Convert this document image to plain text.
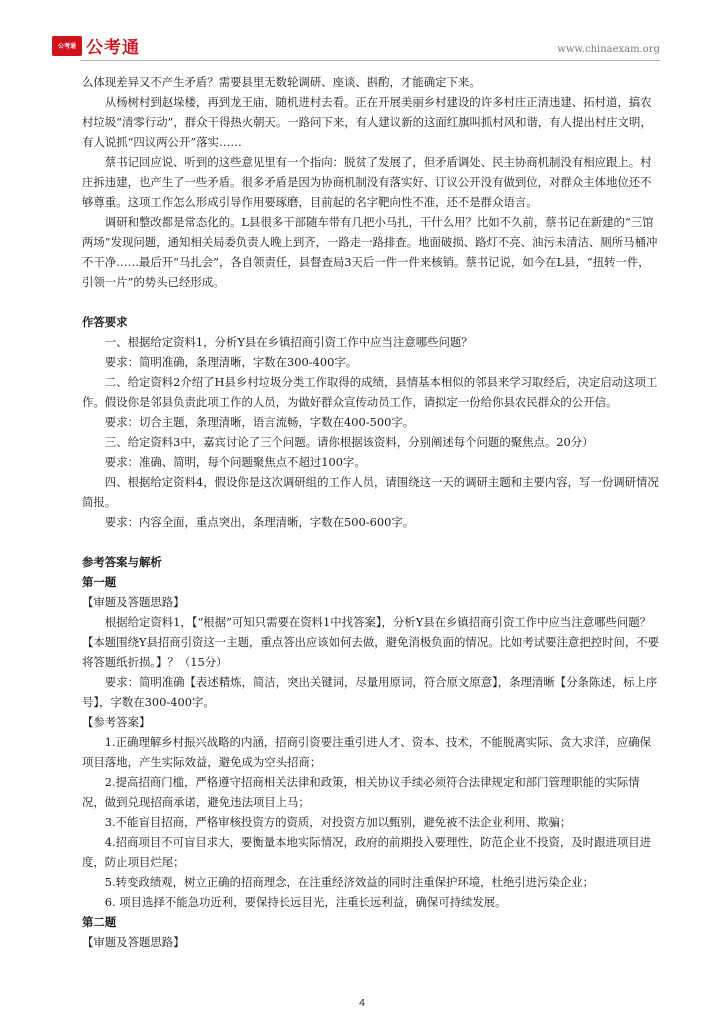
公考通 公考通	www.chinaexam.org

么体现差异又不产生矛盾？需要县里无数轮调研、座谈、斟酌，才能确定下来。

从杨树村到赵垛楼，再到龙王庙，随机进村去看。正在开展美丽乡村建设的许多村庄正清违建、拓村道，搞农村垃圾“清零行动”，群众干得热火朝天。一路问下来，有人建议新的这面红旗叫抓村风和谐，有人提出村庄文明，有人说抓“四议两公开”落实……

蔡书记回应说、听到的这些意见里有一个指向：脱贫了发展了，但矛盾调处、民主协商机制没有相应跟上。村庄拆违建，也产生了一些矛盾。很多矛盾是因为协商机制没有落实好、订议公开没有做到位，对群众主体地位还不够尊重。这项工作怎么形成引导作用要琢磨，目前起的名字靶向性不准，还不是群众语言。

调研和整改都是常态化的。L县很多干部随车带有几把小马扎，干什么用？比如不久前，蔡书记在新建的“三馆两场”发现问题，通知相关局委负责人晚上到齐，一路走一路排查。地面破损、路灯不亮、油污未清洁、厕所马桶冲不干净……最后开“马扎会”，各自领责任，县督查局3天后一件一件来核销。蔡书记说，如今在L县，“扭转一件，引领一片”的势头已经形成。

作答要求

一、根据给定资料1，分析Y县在乡镇招商引资工作中应当注意哪些问题？

要求：简明准确，条理清晰，字数在300-400字。

二、给定资料2介绍了H县乡村垃圾分类工作取得的成绩，县情基本相似的邻县来学习取经后，决定启动这项工作。假设你是邻县负责此项工作的人员，为做好群众宣传动员工作，请拟定一份给你县农民群众的公开信。

要求：切合主题，条理清晰，语言流畅，字数在400-500字。

三、给定资料3中，嘉宾讨论了三个问题。请你根据该资料，分别阐述每个问题的聚焦点。20分）

要求：准确、简明，每个问题聚焦点不超过100字。

四、根据给定资料4，假设你是这次调研组的工作人员，请围绕这一天的调研主题和主要内容，写一份调研情况简报。

要求：内容全面，重点突出，条理清晰，字数在500-600字。

参考答案与解析

第一题

【审题及答题思路】

根据给定资料1，【“根据”可知只需要在资料1中找答案】，分析Y县在乡镇招商引资工作中应当注意哪些问题？【本题围绕Y县招商引资这一主题，重点答出应该如何去做，避免消极负面的情况。比如考试要注意把控时间，不要将答题纸折损。】？（15分）

要求：简明准确【表述精炼，简洁，突出关键词，尽量用原词，符合原文原意】，条理清晰【分条陈述，标上序号】，字数在300-400字。

【参考答案】

1.正确理解乡村振兴战略的内涵，招商引资要注重引进人才、资本、技术，不能脱离实际、贪大求洋，应确保项目落地，产生实际效益，避免成为空头招商；

2.提高招商门槛，严格遵守招商相关法律和政策，相关协议手续必须符合法律规定和部门管理职能的实际情况，做到兑现招商承诺，避免违法项目上马；

3.不能盲目招商，严格审核投资方的资质，对投资方加以甄别，避免被不法企业利用、欺骗；

4.招商项目不可盲目求大，要衡量本地实际情况，政府的前期投入要理性，防范企业不投资，及时跟进项目进度，防止项目烂尾；

5.转变政绩观，树立正确的招商理念，在注重经济效益的同时注重保护环境，杜绝引进污染企业；

6. 项目选择不能急功近利，要保持长远目光，注重长远利益，确保可持续发展。

第二题

【审题及答题思路】

4
